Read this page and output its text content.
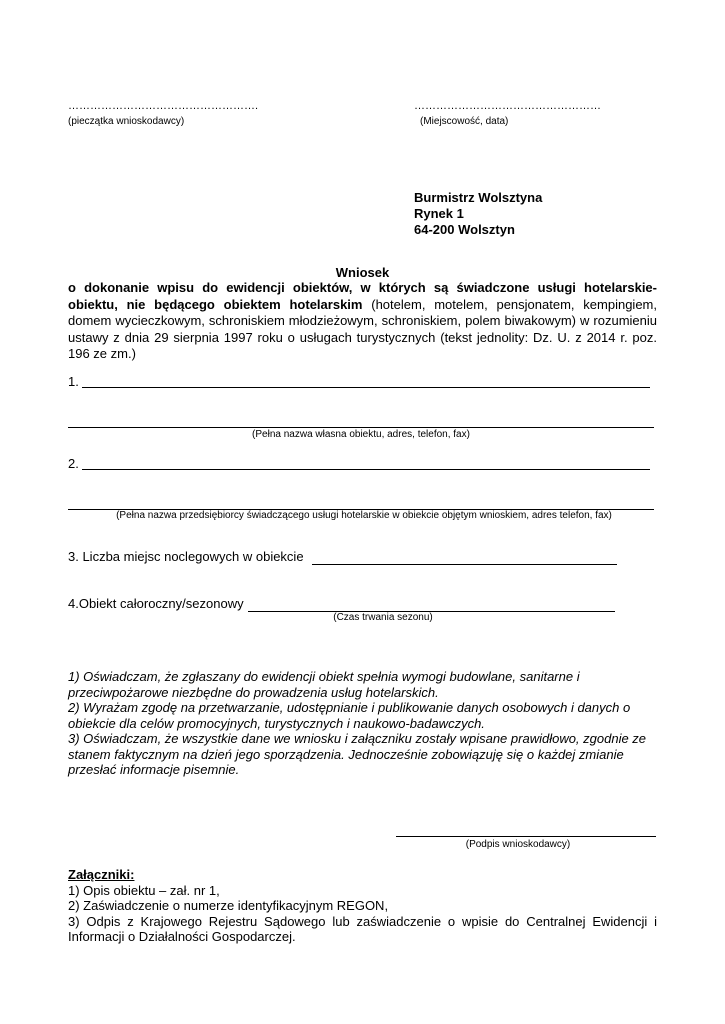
…………………………………………….
(pieczątka wnioskodawcy)
……………………………………………
(Miejscowość, data)
Burmistrz Wolsztyna
Rynek 1
64-200 Wolsztyn
Wniosek
o dokonanie wpisu do ewidencji obiektów, w których są świadczone usługi hotelarskie- obiektu, nie będącego obiektem hotelarskim (hotelem, motelem, pensjonatem, kempingiem, domem wycieczkowym, schroniskiem młodzieżowym, schroniskiem, polem biwakowym) w rozumieniu ustawy z dnia 29 sierpnia 1997 roku o usługach turystycznych (tekst jednolity: Dz. U. z 2014 r. poz. 196 ze zm.)
1.
(Pełna nazwa własna obiektu, adres, telefon, fax)
2.
(Pełna nazwa przedsiębiorcy świadczącego usługi hotelarskie w obiekcie objętym wnioskiem, adres telefon, fax)
3. Liczba miejsc noclegowych w obiekcie
4.Obiekt całoroczny/sezonowy
(Czas trwania sezonu)
1) Oświadczam, że zgłaszany do ewidencji obiekt spełnia wymogi budowlane, sanitarne i przeciwpożarowe niezbędne do prowadzenia usług hotelarskich.
2) Wyrażam zgodę na przetwarzanie, udostępnianie i publikowanie danych osobowych i danych o obiekcie dla celów promocyjnych, turystycznych i naukowo-badawczych.
3) Oświadczam, że wszystkie dane we wniosku i załączniku zostały wpisane prawidłowo, zgodnie ze stanem faktycznym na dzień jego sporządzenia. Jednocześnie zobowiązuję się o każdej zmianie przesłać informacje pisemnie.
(Podpis wnioskodawcy)
Załączniki:
1) Opis obiektu – zał. nr 1,
2) Zaświadczenie o numerze identyfikacyjnym REGON,
3) Odpis z Krajowego Rejestru Sądowego lub zaświadczenie o wpisie do Centralnej Ewidencji i Informacji o Działalności Gospodarczej.
